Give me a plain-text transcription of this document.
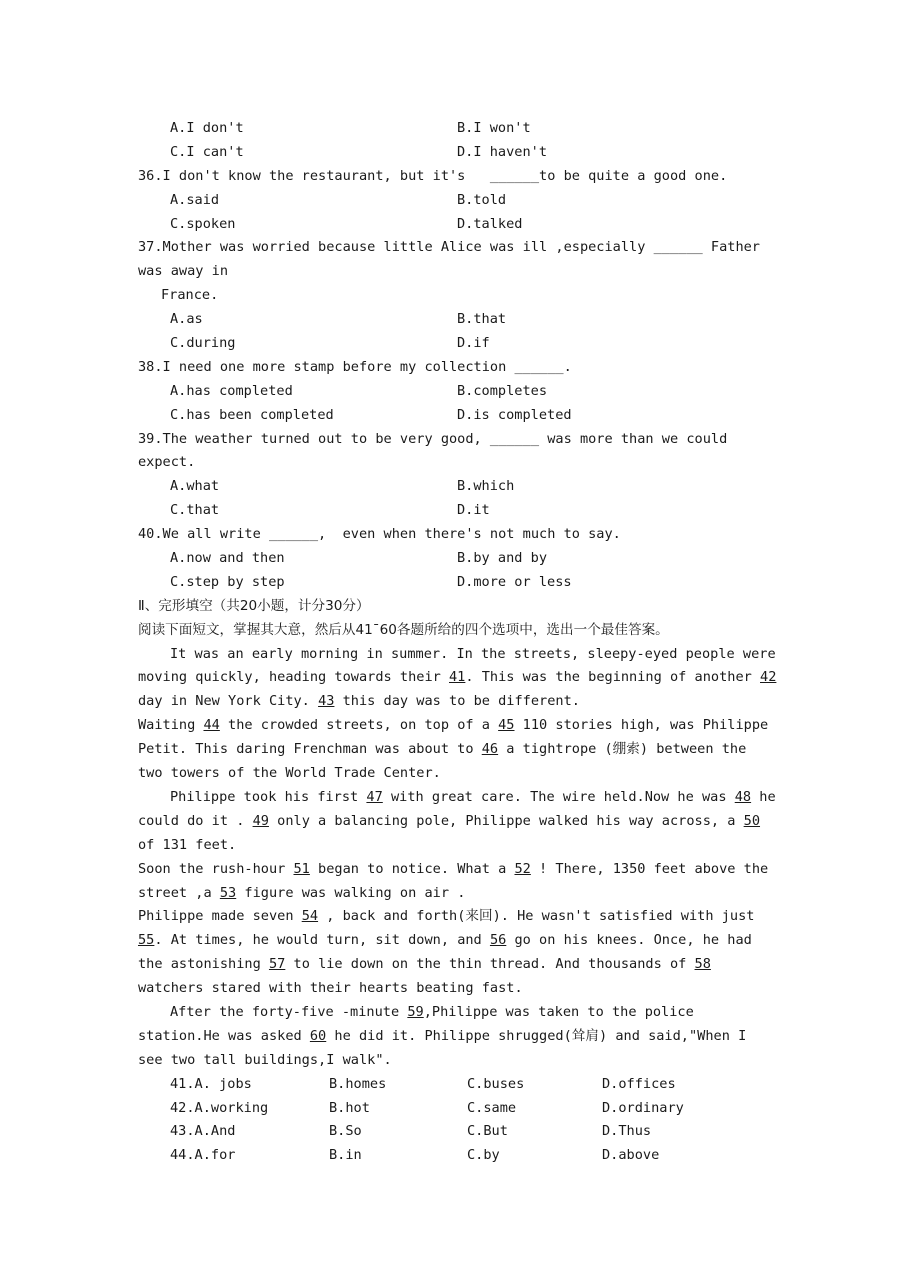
A.I don't	B.I won't
C.I can't	D.I haven't
36.I don't know the restaurant, but it's   ______to be quite a good one.
A.said	B.told
C.spoken	D.talked
37.Mother was worried because little Alice was ill ,especially ______ Father
was away in
France.
A.as	B.that
C.during	D.if
38.I need one more stamp before my collection ______.
A.has completed	B.completes
C.has been completed	D.is completed
39.The weather turned out to be very good, ______ was more than we could
expect.
A.what	B.which
C.that	D.it
40.We all write ______,  even when there's not much to say.
A.now and then	B.by and by
C.step by step	D.more or less
Ⅱ、完形填空（共20小题，计分30分）
阅读下面短文，掌握其大意，然后从41¯60各题所给的四个选项中，选出一个最佳答案。
It was an early morning in summer. In the streets, sleepy-eyed people were
moving quickly, heading towards their 41. This was the beginning of another 42
day in New York City. 43 this day was to be different.
Waiting 44 the crowded streets, on top of a 45 110 stories high, was Philippe
Petit. This daring Frenchman was about to 46 a tightrope (绷索) between the
two towers of the World Trade Center.
Philippe took his first 47 with great care. The wire held.Now he was 48 he
could do it . 49 only a balancing pole, Philippe walked his way across, a 50
of 131 feet.
Soon the rush-hour 51 began to notice. What a 52 ! There, 1350 feet above the
street ,a 53 figure was walking on air .
Philippe made seven 54 , back and forth(来回). He wasn't satisfied with just
55. At times, he would turn, sit down, and 56 go on his knees. Once, he had
the astonishing 57 to lie down on the thin thread. And thousands of 58
watchers stared with their hearts beating fast.
After the forty-five -minute 59,Philippe was taken to the police
station.He was asked 60 he did it. Philippe shrugged(耸肩) and said,"When I
see two tall buildings,I walk".
41.A. jobs	B.homes	C.buses	D.offices
42.A.working	B.hot	C.same	D.ordinary
43.A.And	B.So	C.But	D.Thus
44.A.for	B.in	C.by	D.above
